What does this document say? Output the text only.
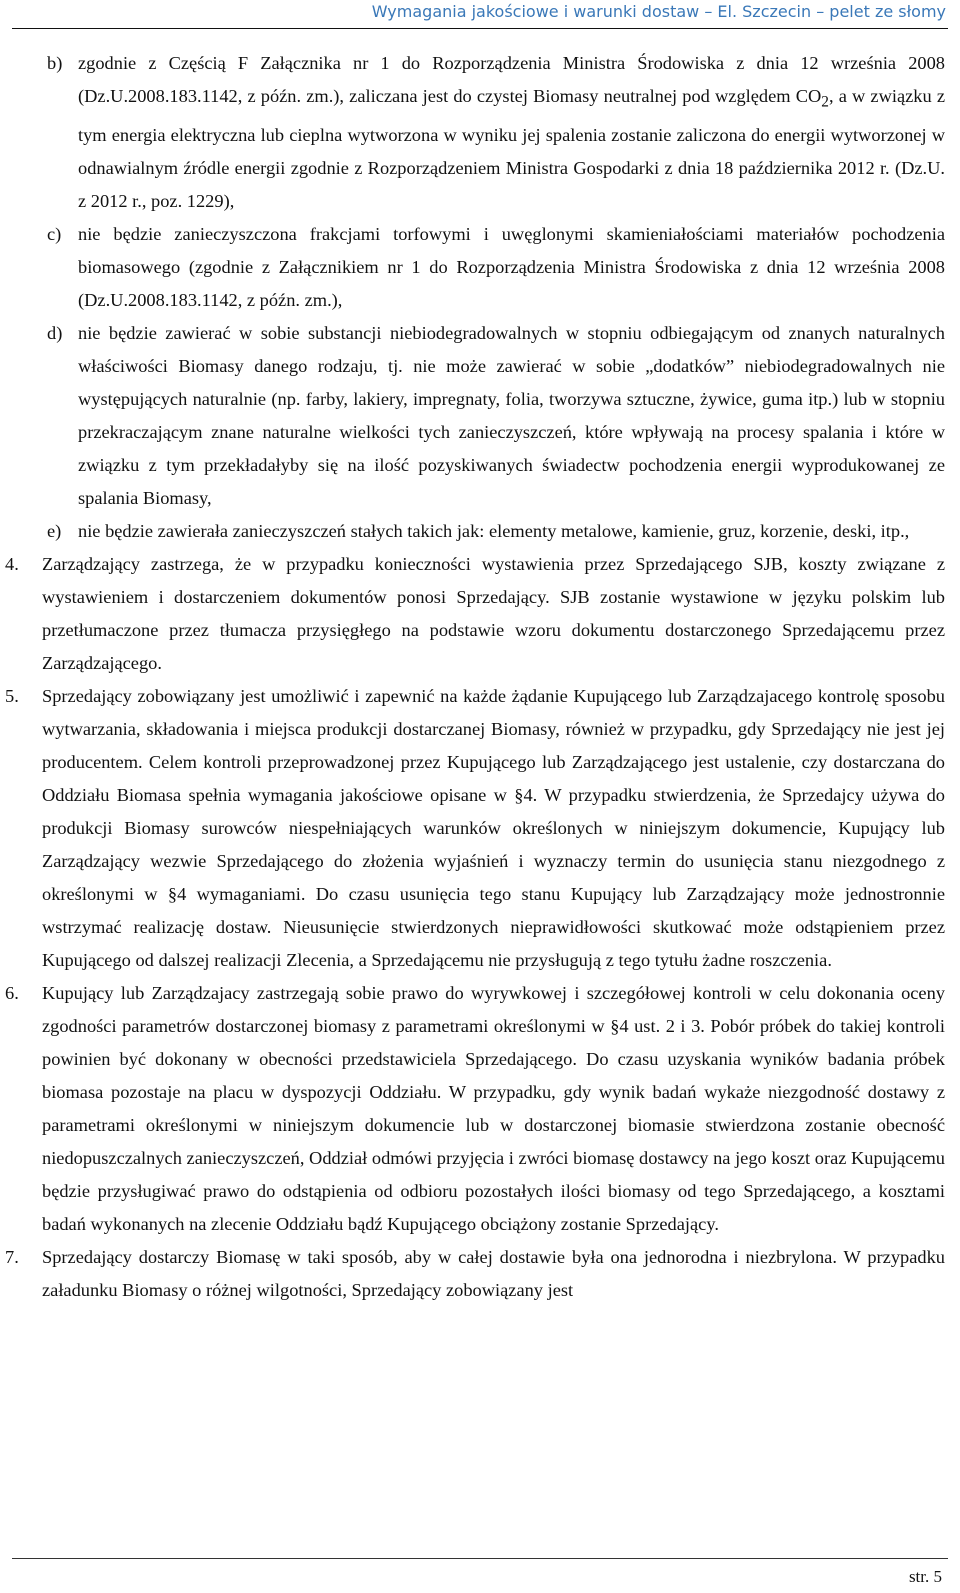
Wymagania jakościowe i warunki dostaw – El. Szczecin – pelet ze słomy
b) zgodnie z Częścią F Załącznika nr 1 do Rozporządzenia Ministra Środowiska z dnia 12 września 2008 (Dz.U.2008.183.1142, z późn. zm.), zaliczana jest do czystej Biomasy neutralnej pod względem $CO_2$, a w związku z tym energia elektryczna lub cieplna wytworzona w wyniku jej spalenia zostanie zaliczona do energii wytworzonej w odnawialnym źródle energii zgodnie z Rozporządzeniem Ministra Gospodarki z dnia 18 października 2012 r. (Dz.U. z 2012 r., poz. 1229),
c) nie będzie zanieczyszczona frakcjami torfowymi i uwęglonymi skamieniałościami materiałów pochodzenia biomasowego (zgodnie z Załącznikiem nr 1 do Rozporządzenia Ministra Środowiska z dnia 12 września 2008 (Dz.U.2008.183.1142, z późn. zm.),
d) nie będzie zawierać w sobie substancji niebiodegradowalnych w stopniu odbiegającym od znanych naturalnych właściwości Biomasy danego rodzaju, tj. nie może zawierać w sobie „dodatków” niebiodegradowalnych nie występujących naturalnie (np. farby, lakiery, impregnaty, folia, tworzywa sztuczne, żywice, guma itp.) lub w stopniu przekraczającym znane naturalne wielkości tych zanieczyszczeń, które wpływają na procesy spalania i które w związku z tym przekładałyby się na ilość pozyskiwanych świadectw pochodzenia energii wyprodukowanej ze spalania Biomasy,
e) nie będzie zawierała zanieczyszczeń stałych takich jak: elementy metalowe, kamienie, gruz, korzenie, deski, itp.,
4.	Zarządzający zastrzega, że w przypadku konieczności wystawienia przez Sprzedającego SJB, koszty związane z wystawieniem i dostarczeniem dokumentów ponosi Sprzedający. SJB zostanie wystawione w języku polskim lub przetłumaczone przez tłumacza przysięgłego na podstawie wzoru dokumentu dostarczonego Sprzedającemu przez Zarządzającego.
5.	Sprzedający zobowiązany jest umożliwić i zapewnić na każde żądanie Kupującego lub Zarządzajacego kontrolę sposobu wytwarzania, składowania i miejsca produkcji dostarczanej Biomasy, również w przypadku, gdy Sprzedający nie jest jej producentem. Celem kontroli przeprowadzonej przez Kupującego lub Zarządzającego jest ustalenie, czy dostarczana do Oddziału Biomasa spełnia wymagania jakościowe opisane w §4. W przypadku stwierdzenia, że Sprzedajcy używa do produkcji Biomasy surowców niespełniających warunków określonych w niniejszym dokumencie, Kupujący lub Zarządzający wezwie Sprzedającego do złożenia wyjaśnień i wyznaczy termin do usunięcia stanu niezgodnego z określonymi w §4 wymaganiami. Do czasu usunięcia tego stanu Kupujący lub Zarządzający może jednostronnie wstrzymać realizację dostaw. Nieusunięcie stwierdzonych nieprawidłowości skutkować może odstąpieniem przez Kupującego od dalszej realizacji Zlecenia, a Sprzedającemu nie przysługują z tego tytułu żadne roszczenia.
6.	Kupujący lub Zarządzajacy zastrzegają sobie prawo do wyrywkowej i szczegółowej kontroli w celu dokonania oceny zgodności parametrów dostarczonej biomasy z parametrami określonymi w §4 ust. 2 i 3. Pobór próbek do takiej kontroli powinien być dokonany w obecności przedstawiciela Sprzedającego. Do czasu uzyskania wyników badania próbek biomasa pozostaje na placu w dyspozycji Oddziału. W przypadku, gdy wynik badań wykaże niezgodność dostawy z parametrami określonymi w niniejszym dokumencie lub w dostarczonej biomasie stwierdzona zostanie obecność niedopuszczalnych zanieczyszczeń, Oddział odmówi przyjęcia i zwróci biomasę dostawcy na jego koszt oraz Kupującemu będzie przysługiwać prawo do odstąpienia od odbioru pozostałych ilości biomasy od tego Sprzedającego, a kosztami badań wykonanych na zlecenie Oddziału bądź Kupującego obciążony zostanie Sprzedający.
7.	Sprzedający dostarczy Biomasę w taki sposób, aby w całej dostawie była ona jednorodna i niezbrylona. W przypadku załadunku Biomasy o różnej wilgotności, Sprzedający zobowiązany jest
str. 5
